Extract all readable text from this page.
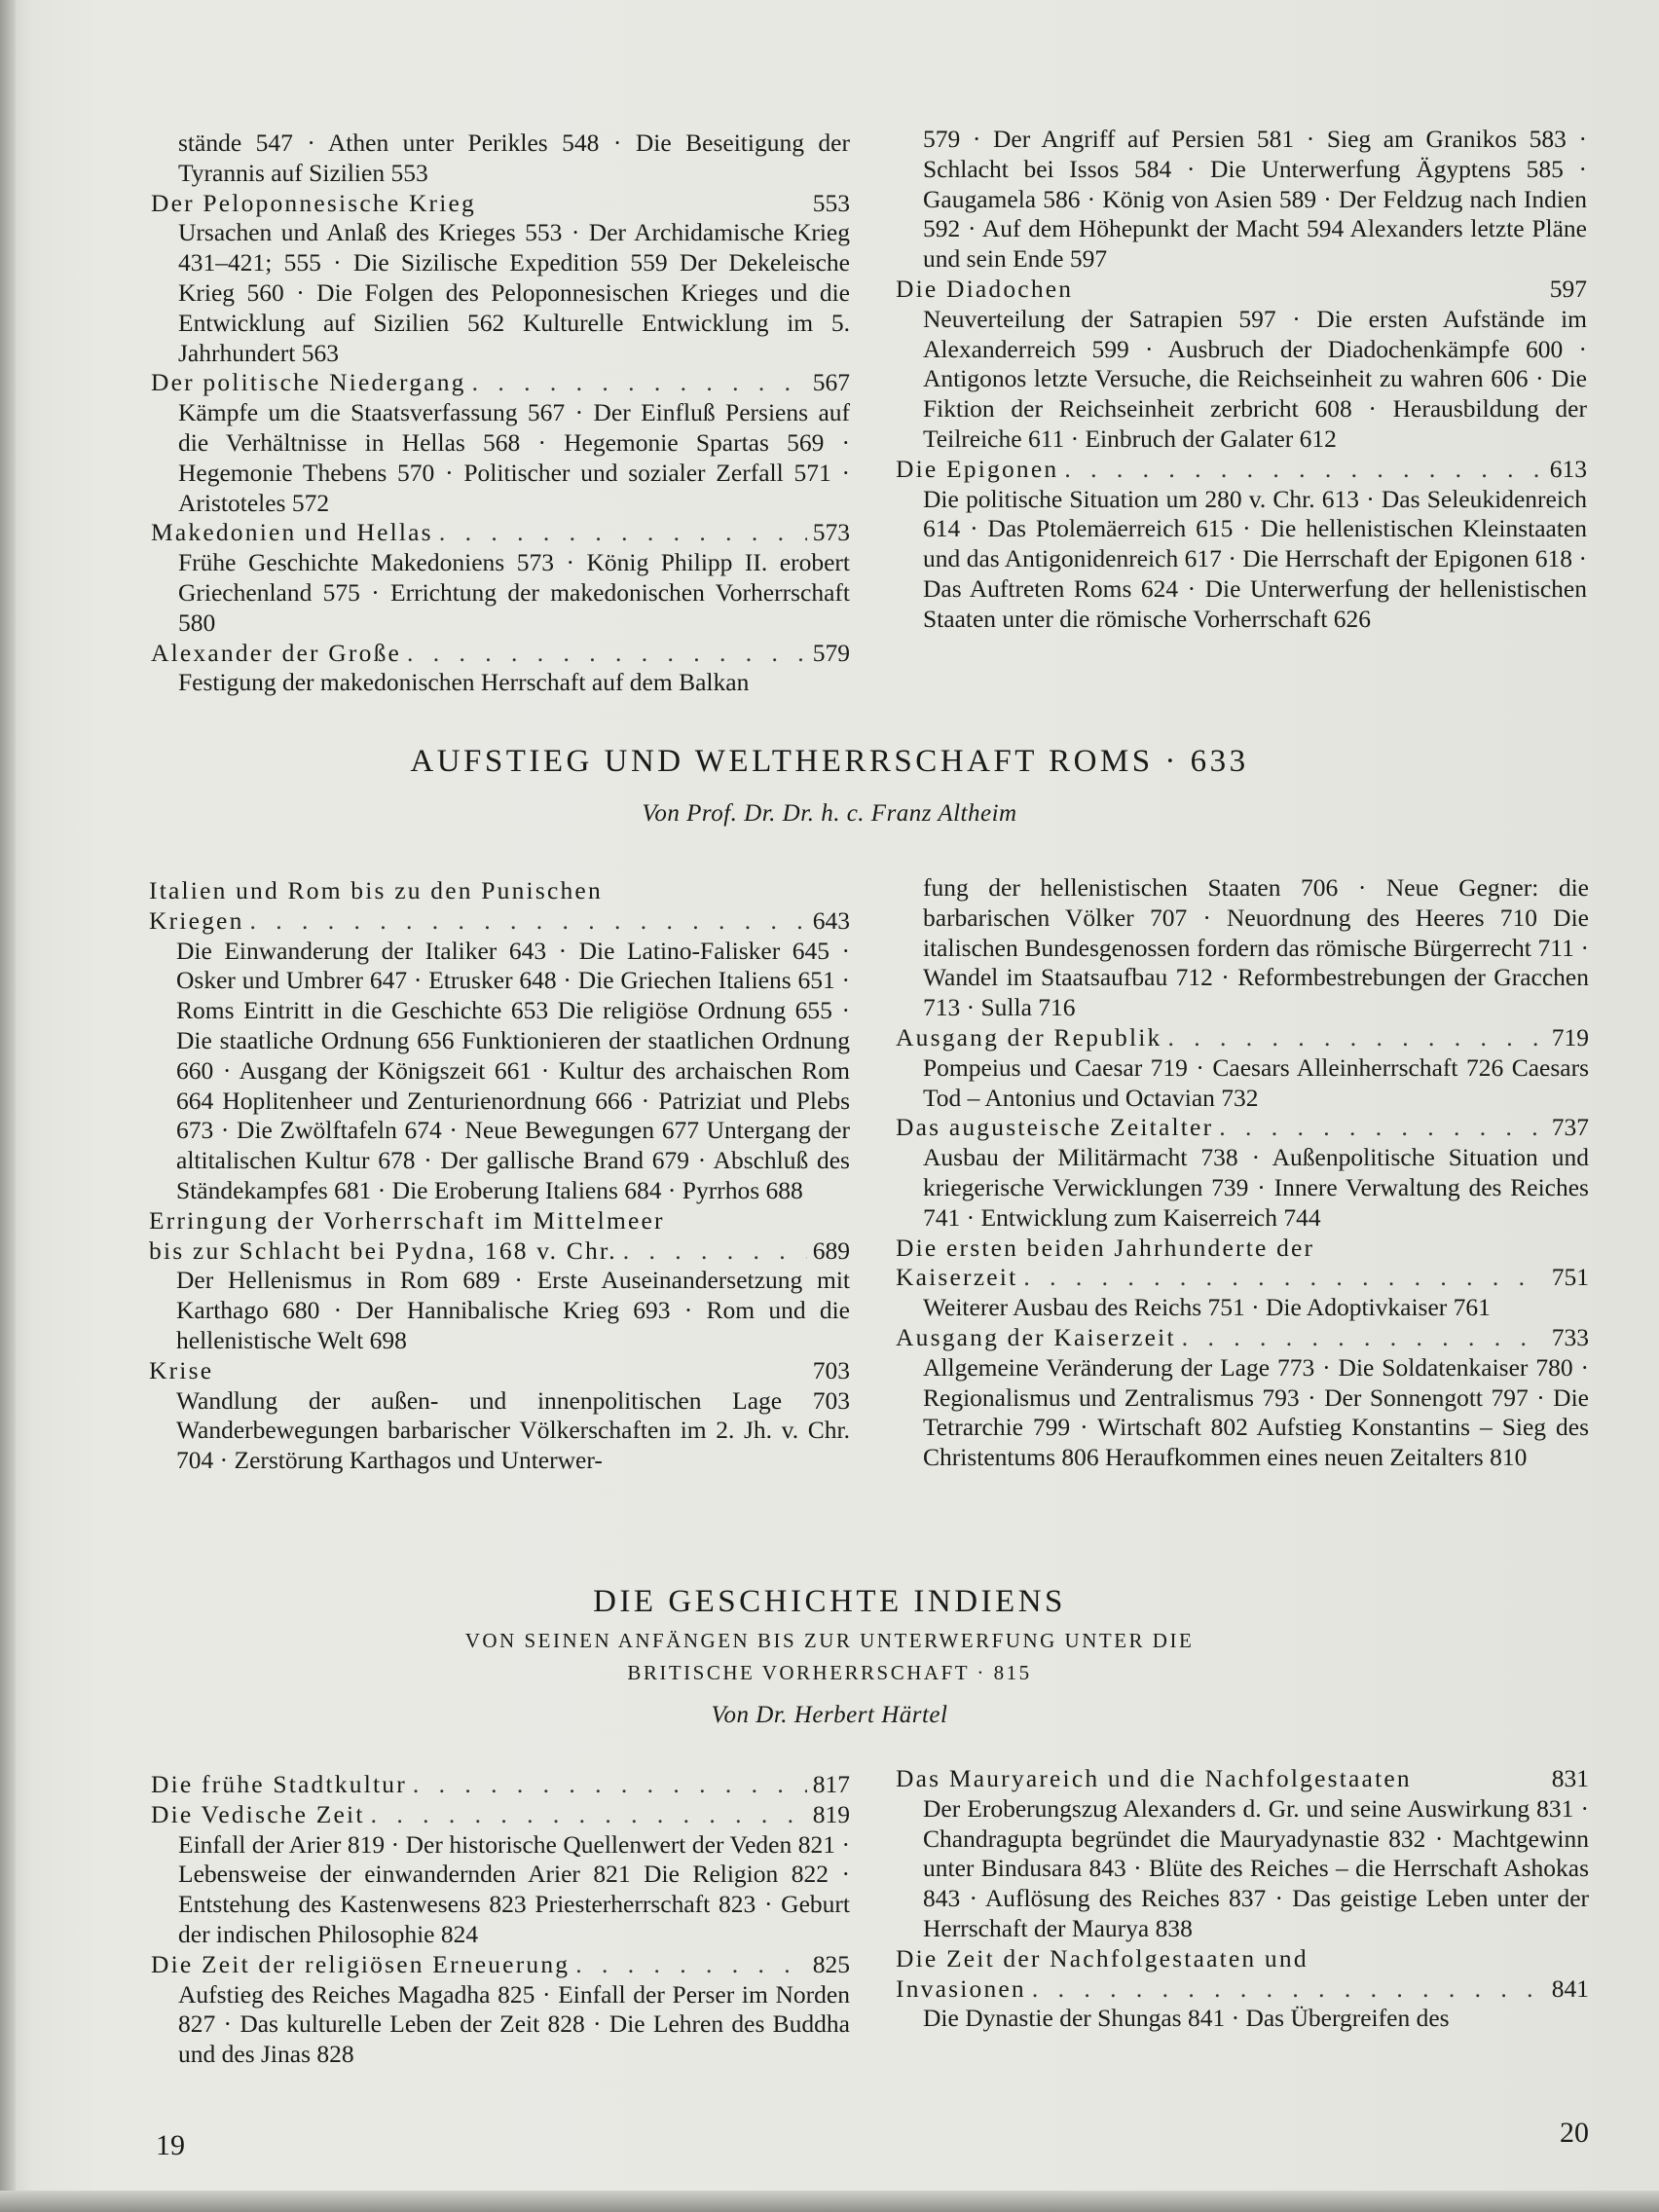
stände 547 · Athen unter Perikles 548 · Die Beseitigung der Tyrannis auf Sizilien 553
Der Peloponnesische Krieg	553
Ursachen und Anlaß des Krieges 553 · Der Archidamische Krieg 431–421; 555 · Die Sizilische Expedition 559 Der Dekeleische Krieg 560 · Die Folgen des Peloponnesischen Krieges und die Entwicklung auf Sizilien 562 Kulturelle Entwicklung im 5. Jahrhundert 563
Der politische Niedergang . . .	567
Kämpfe um die Staatsverfassung 567 · Der Einfluß Persiens auf die Verhältnisse in Hellas 568 · Hegemonie Spartas 569 · Hegemonie Thebens 570 · Politischer und sozialer Zerfall 571 · Aristoteles 572
Makedonien und Hellas . . .	573
Frühe Geschichte Makedoniens 573 · König Philipp II. erobert Griechenland 575 · Errichtung der makedonischen Vorherrschaft 580
Alexander der Große . . .	579
Festigung der makedonischen Herrschaft auf dem Balkan
579 · Der Angriff auf Persien 581 · Sieg am Granikos 583 · Schlacht bei Issos 584 · Die Unterwerfung Ägyptens 585 · Gaugamela 586 · König von Asien 589 · Der Feldzug nach Indien 592 · Auf dem Höhepunkt der Macht 594 Alexanders letzte Pläne und sein Ende 597
Die Diadochen	597
Neuverteilung der Satrapien 597 · Die ersten Aufstände im Alexanderreich 599 · Ausbruch der Diadochenkämpfe 600 · Antigonos letzte Versuche, die Reichseinheit zu wahren 606 · Die Fiktion der Reichseinheit zerbricht 608 · Herausbildung der Teilreiche 611 · Einbruch der Galater 612
Die Epigonen . . .	613
Die politische Situation um 280 v. Chr. 613 · Das Seleukidenreich 614 · Das Ptolemäerreich 615 · Die hellenistischen Kleinstaaten und das Antigonidenreich 617 · Die Herrschaft der Epigonen 618 · Das Auftreten Roms 624 · Die Unterwerfung der hellenistischen Staaten unter die römische Vorherrschaft 626
AUFSTIEG UND WELTHERRSCHAFT ROMS · 633
Von Prof. Dr. Dr. h. c. Franz Altheim
Italien und Rom bis zu den Punischen
Kriegen . . .	643
Die Einwanderung der Italiker 643 · Die Latino-Falisker 645 · Osker und Umbrer 647 · Etrusker 648 · Die Griechen Italiens 651 · Roms Eintritt in die Geschichte 653 Die religiöse Ordnung 655 · Die staatliche Ordnung 656 Funktionieren der staatlichen Ordnung 660 · Ausgang der Königszeit 661 · Kultur des archaischen Rom 664 Hoplitenheer und Zenturienordnung 666 · Patriziat und Plebs 673 · Die Zwölftafeln 674 · Neue Bewegungen 677 Untergang der altitalischen Kultur 678 · Der gallische Brand 679 · Abschluß des Ständekampfes 681 · Die Eroberung Italiens 684 · Pyrrhos 688
Erringung der Vorherrschaft im Mittelmeer
bis zur Schlacht bei Pydna, 168 v. Chr. . . .	689
Der Hellenismus in Rom 689 · Erste Auseinandersetzung mit Karthago 680 · Der Hannibalische Krieg 693 · Rom und die hellenistische Welt 698
Krise	703
Wandlung der außen- und innenpolitischen Lage 703 Wanderbewegungen barbarischer Völkerschaften im 2. Jh. v. Chr. 704 · Zerstörung Karthagos und Unterwer-
fung der hellenistischen Staaten 706 · Neue Gegner: die barbarischen Völker 707 · Neuordnung des Heeres 710 Die italischen Bundesgenossen fordern das römische Bürgerrecht 711 · Wandel im Staatsaufbau 712 · Reformbestrebungen der Gracchen 713 · Sulla 716
Ausgang der Republik . . .	719
Pompeius und Caesar 719 · Caesars Alleinherrschaft 726 Caesars Tod – Antonius und Octavian 732
Das augusteische Zeitalter . . .	737
Ausbau der Militärmacht 738 · Außenpolitische Situation und kriegerische Verwicklungen 739 · Innere Verwaltung des Reiches 741 · Entwicklung zum Kaiserreich 744
Die ersten beiden Jahrhunderte der
Kaiserzeit . . .	751
Weiterer Ausbau des Reichs 751 · Die Adoptivkaiser 761
Ausgang der Kaiserzeit . . .	733
Allgemeine Veränderung der Lage 773 · Die Soldatenkaiser 780 · Regionalismus und Zentralismus 793 · Der Sonnengott 797 · Die Tetrarchie 799 · Wirtschaft 802 Aufstieg Konstantins – Sieg des Christentums 806 Heraufkommen eines neuen Zeitalters 810
DIE GESCHICHTE INDIENS
VON SEINEN ANFÄNGEN BIS ZUR UNTERWERFUNG UNTER DIE
BRITISCHE VORHERRSCHAFT · 815
Von Dr. Herbert Härtel
Die frühe Stadtkultur . . .	817
Die Vedische Zeit . . .	819
Einfall der Arier 819 · Der historische Quellenwert der Veden 821 · Lebensweise der einwandernden Arier 821 Die Religion 822 · Entstehung des Kastenwesens 823 Priesterherrschaft 823 · Geburt der indischen Philosophie 824
Die Zeit der religiösen Erneuerung . . .	825
Aufstieg des Reiches Magadha 825 · Einfall der Perser im Norden 827 · Das kulturelle Leben der Zeit 828 · Die Lehren des Buddha und des Jinas 828
Das Mauryareich und die Nachfolgestaaten	831
Der Eroberungszug Alexanders d. Gr. und seine Auswirkung 831 · Chandragupta begründet die Mauryadynastie 832 · Machtgewinn unter Bindusara 843 · Blüte des Reiches – die Herrschaft Ashokas 843 · Auflösung des Reiches 837 · Das geistige Leben unter der Herrschaft der Maurya 838
Die Zeit der Nachfolgestaaten und
Invasionen . . .	841
Die Dynastie der Shungas 841 · Das Übergreifen des
19	20
